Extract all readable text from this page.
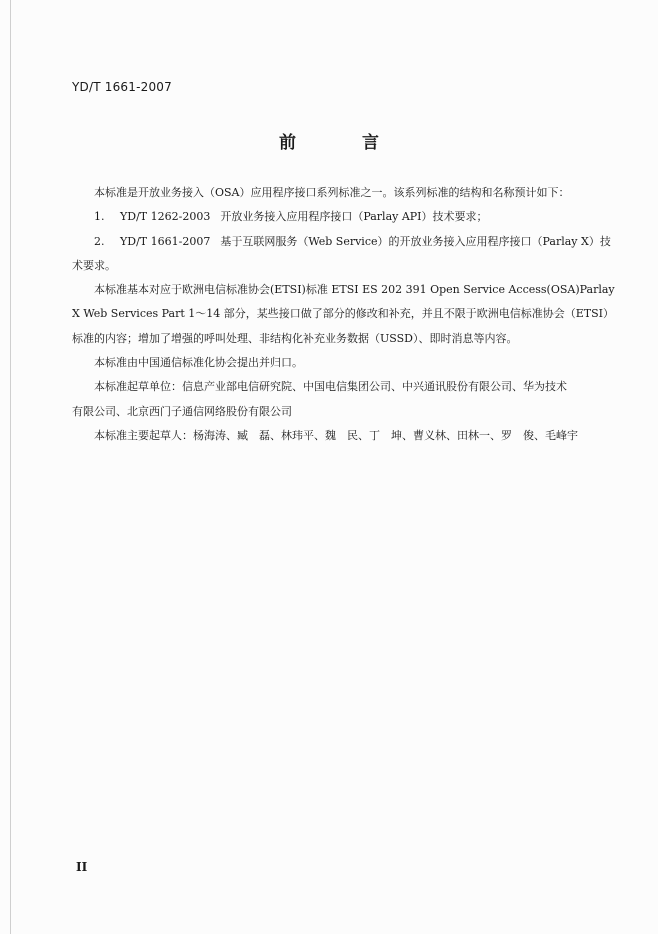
YD/T 1661-2007
前 言

本标准是开放业务接入（OSA）应用程序接口系列标准之一。该系列标准的结构和名称预计如下：

1. YD/T 1262-2003 开放业务接入应用程序接口（Parlay API）技术要求；

2. YD/T 1661-2007 基于互联网服务（Web Service）的开放业务接入应用程序接口（Parlay X）技

术要求。

本标准基本对应于欧洲电信标准协会(ETSI)标准 ETSI ES 202 391 Open Service Access(OSA)Parlay

X Web Services Part 1～14 部分，某些接口做了部分的修改和补充，并且不限于欧洲电信标准协会（ETSI）

标准的内容；增加了增强的呼叫处理、非结构化补充业务数据（USSD）、即时消息等内容。

本标准由中国通信标准化协会提出并归口。

本标准起草单位：信息产业部电信研究院、中国电信集团公司、中兴通讯股份有限公司、华为技术

有限公司、北京西门子通信网络股份有限公司

本标准主要起草人：杨海涛、臧　磊、林玮平、魏　民、丁　坤、曹义林、田林一、罗　俊、毛峰宇

II
